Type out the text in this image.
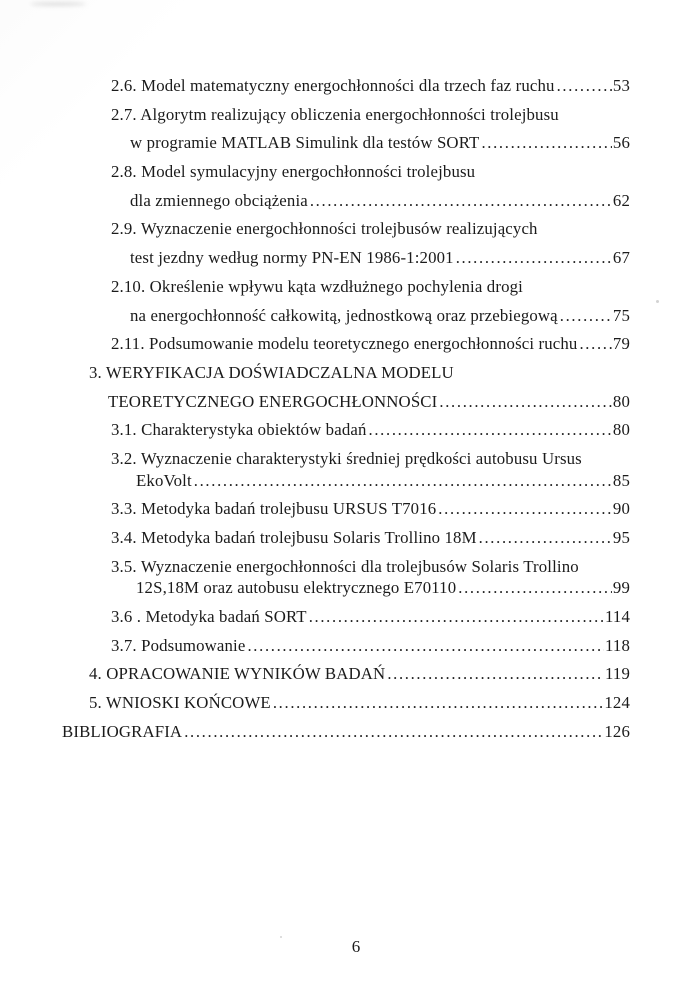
2.6. Model matematyczny energochłonności dla trzech faz ruchu .....	53
2.7. Algorytm realizujący obliczenia energochłonności trolejbusu
w programie MATLAB Simulink dla testów SORT .....	56
2.8. Model symulacyjny energochłonności trolejbusu
dla zmiennego obciążenia .....	62
2.9. Wyznaczenie energochłonności trolejbusów realizujących
test jezdny według normy PN-EN 1986-1:2001 .....	67
2.10. Określenie wpływu kąta wzdłużnego pochylenia drogi
na energochłonność całkowitą, jednostkową oraz przebiegową .....	75
2.11. Podsumowanie modelu teoretycznego energochłonności ruchu ..... 79
3. WERYFIKACJA DOŚWIADCZALNA MODELU
TEORETYCZNEGO ENERGOCHŁONNOŚCI .....	80
3.1. Charakterystyka obiektów badań .....	80
3.2. Wyznaczenie charakterystyki średniej prędkości autobusu Ursus
EkoVolt .....	85
3.3. Metodyka badań trolejbusu URSUS T7016 .....	90
3.4. Metodyka badań trolejbusu Solaris Trollino 18M .....	95
3.5. Wyznaczenie energochłonności dla trolejbusów Solaris Trollino
12S,18M oraz autobusu elektrycznego E70110 .....	99
3.6 . Metodyka badań SORT .....	114
3.7. Podsumowanie .....	118
4. OPRACOWANIE WYNIKÓW BADAŃ .....	119
5. WNIOSKI KOŃCOWE .....	124
BIBLIOGRAFIA .....	126
6
